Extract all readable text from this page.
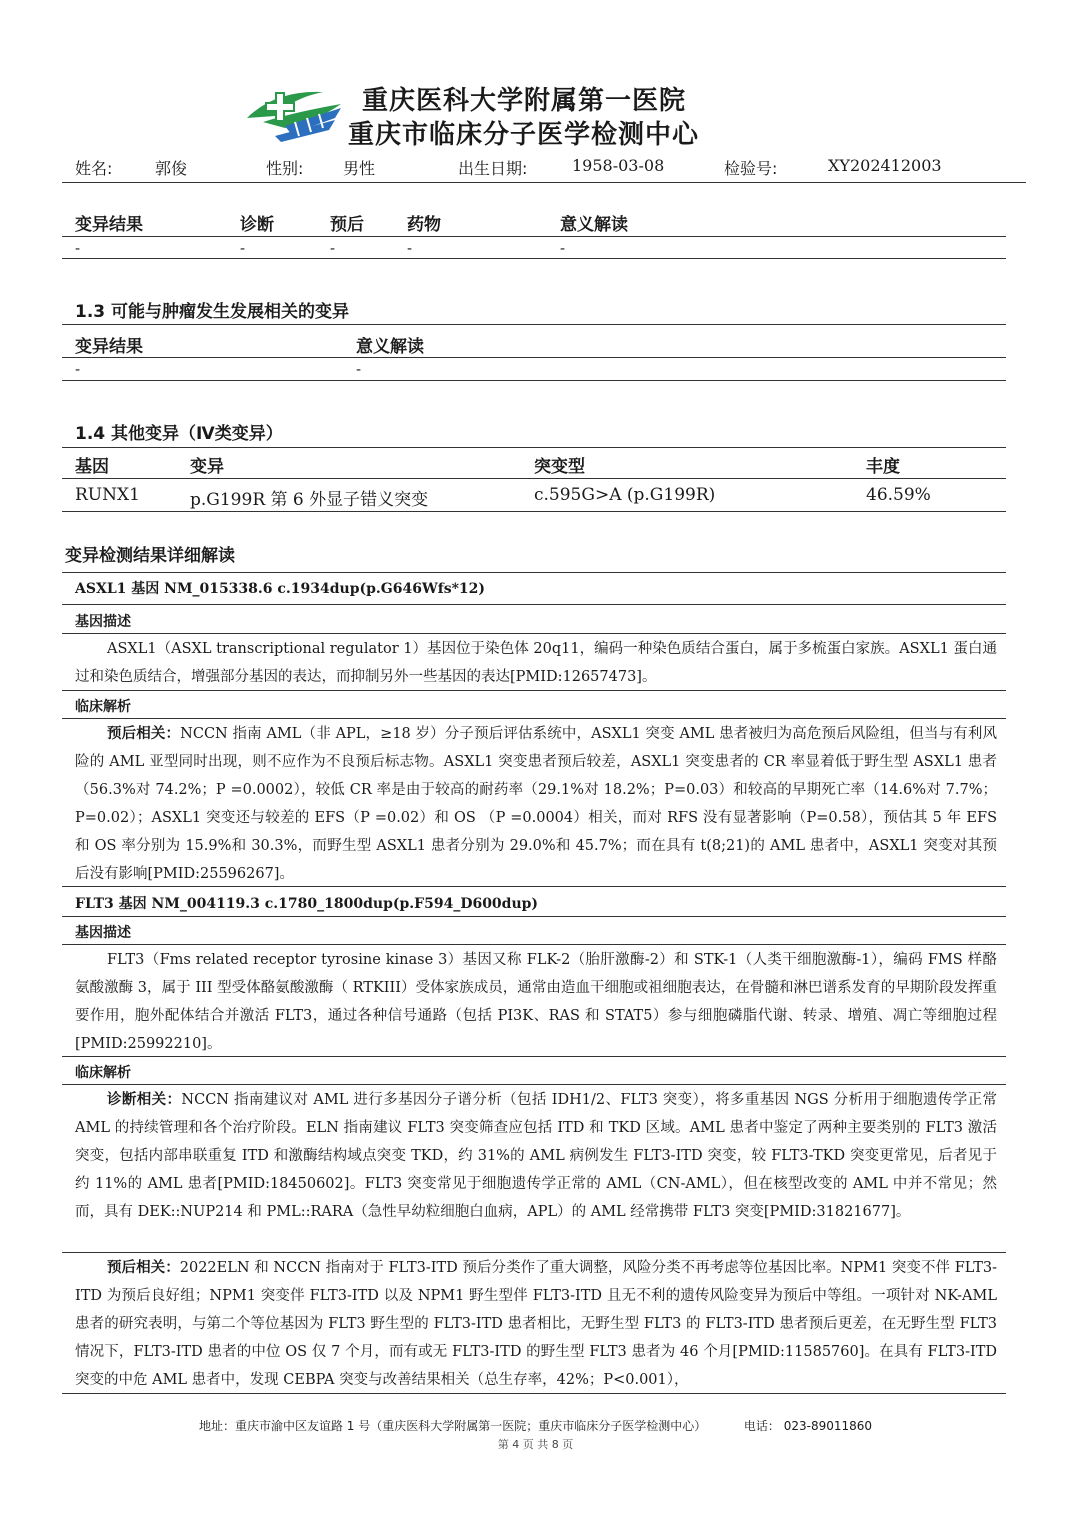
重庆医科大学附属第一医院
重庆市临床分子医学检测中心
姓名:	郭俊	性别: 男性	出生日期:	1958-03-08	检验号:	XY202412003
变异结果	诊断	预后	药物	意义解读
-	-	-	-	-
1.3 可能与肿瘤发生发展相关的变异
变异结果	意义解读
-	-
1.4 其他变异（Ⅳ类变异）
基因	变异	突变型	丰度
RUNX1	p.G199R 第 6 外显子错义突变	c.595G>A (p.G199R)	46.59%
变异检测结果详细解读
ASXL1 基因 NM_015338.6 c.1934dup(p.G646Wfs*12)
基因描述

ASXL1（ASXL transcriptional regulator 1）基因位于染色体 20q11，编码一种染色质结合蛋白，属于多梳蛋白家族。ASXL1 蛋白通过和染色质结合，增强部分基因的表达，而抑制另外一些基因的表达[PMID:12657473]。

临床解析

预后相关：NCCN 指南 AML（非 APL，≥18 岁）分子预后评估系统中，ASXL1 突变 AML 患者被归为高危预后风险组，但当与有利风险的 AML 亚型同时出现，则不应作为不良预后标志物。ASXL1 突变患者预后较差，ASXL1 突变患者的 CR 率显着低于野生型 ASXL1 患者（56.3%对 74.2%；P =0.0002），较低 CR 率是由于较高的耐药率（29.1%对 18.2%；P=0.03）和较高的早期死亡率（14.6%对 7.7%；P=0.02）；ASXL1 突变还与较差的 EFS（P =0.02）和 OS （P =0.0004）相关，而对 RFS 没有显著影响（P=0.58），预估其 5 年 EFS 和 OS 率分别为 15.9%和 30.3%，而野生型 ASXL1 患者分别为 29.0%和 45.7%；而在具有 t(8;21)的 AML 患者中，ASXL1 突变对其预后没有影响[PMID:25596267]。

FLT3 基因 NM_004119.3 c.1780_1800dup(p.F594_D600dup)
基因描述

FLT3（Fms related receptor tyrosine kinase 3）基因又称 FLK-2（胎肝激酶-2）和 STK-1（人类干细胞激酶-1），编码 FMS 样酪氨酸激酶 3，属于 III 型受体酪氨酸激酶（ RTKIII）受体家族成员，通常由造血干细胞或祖细胞表达，在骨髓和淋巴谱系发育的早期阶段发挥重要作用，胞外配体结合并激活 FLT3，通过各种信号通路（包括 PI3K、RAS 和 STAT5）参与细胞磷脂代谢、转录、增殖、凋亡等细胞过程[PMID:25992210]。

临床解析

诊断相关：NCCN 指南建议对 AML 进行多基因分子谱分析（包括 IDH1/2、FLT3 突变），将多重基因 NGS 分析用于细胞遗传学正常 AML 的持续管理和各个治疗阶段。ELN 指南建议 FLT3 突变筛查应包括 ITD 和 TKD 区域。AML 患者中鉴定了两种主要类别的 FLT3 激活突变，包括内部串联重复 ITD 和激酶结构域点突变 TKD，约 31%的 AML 病例发生 FLT3-ITD 突变，较 FLT3-TKD 突变更常见，后者见于约 11%的 AML 患者[PMID:18450602]。FLT3 突变常见于细胞遗传学正常的 AML（CN-AML），但在核型改变的 AML 中并不常见；然而，具有 DEK::NUP214 和 PML::RARA（急性早幼粒细胞白血病，APL）的 AML 经常携带 FLT3 突变[PMID:31821677]。

预后相关：2022ELN 和 NCCN 指南对于 FLT3-ITD 预后分类作了重大调整，风险分类不再考虑等位基因比率。NPM1 突变不伴 FLT3-ITD 为预后良好组；NPM1 突变伴 FLT3-ITD 以及 NPM1 野生型伴 FLT3-ITD 且无不利的遗传风险变异为预后中等组。一项针对 NK-AML 患者的研究表明，与第二个等位基因为 FLT3 野生型的 FLT3-ITD 患者相比，无野生型 FLT3 的 FLT3-ITD 患者预后更差，在无野生型 FLT3 情况下，FLT3-ITD 患者的中位 OS 仅 7 个月，而有或无 FLT3-ITD 的野生型 FLT3 患者为 46 个月[PMID:11585760]。在具有 FLT3-ITD 突变的中危 AML 患者中，发现 CEBPA 突变与改善结果相关（总生存率，42%；P<0.001），

地址：重庆市渝中区友谊路 1 号（重庆医科大学附属第一医院；重庆市临床分子医学检测中心）	电话： 023-89011860
第 4 页 共 8 页
